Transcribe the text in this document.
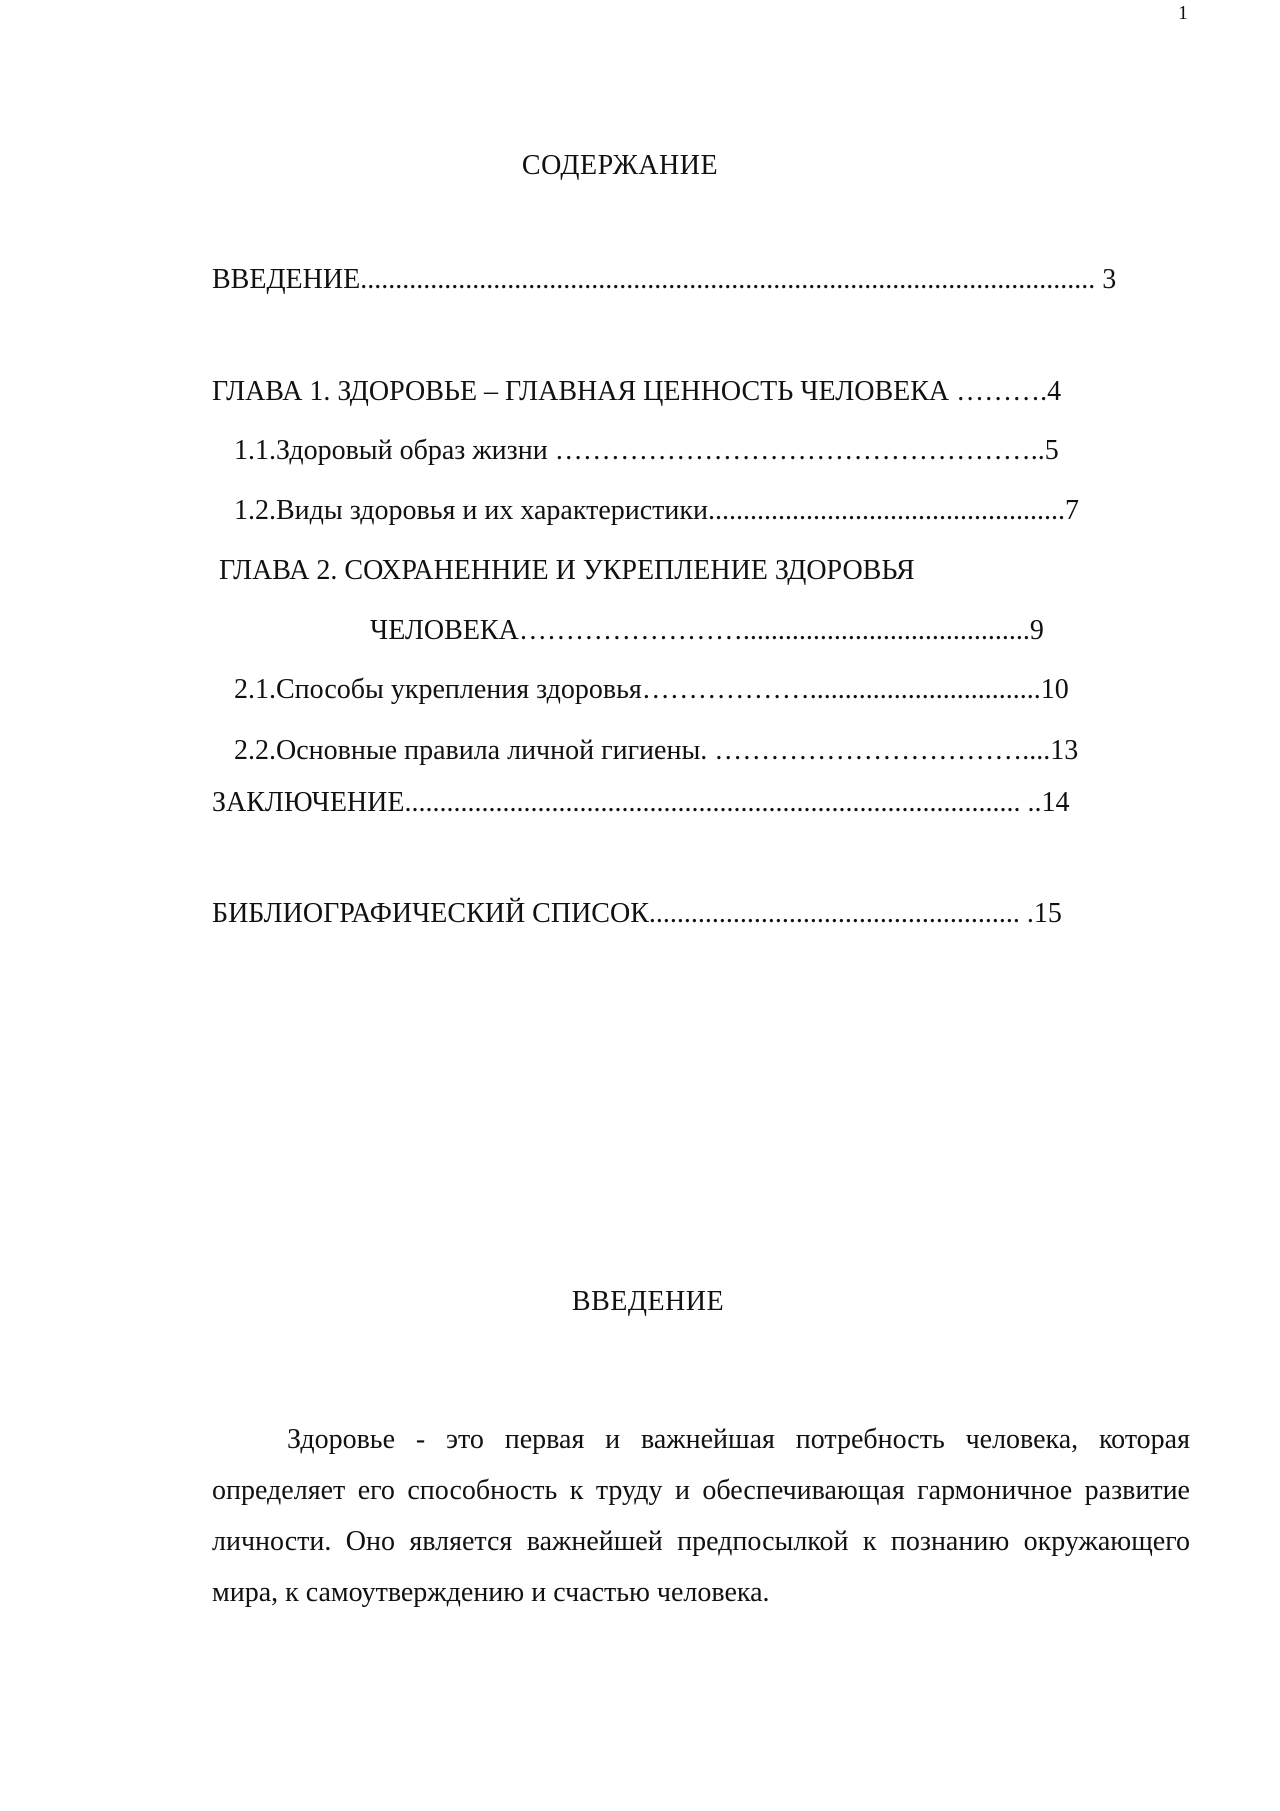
1
СОДЕРЖАНИЕ
ВВЕДЕНИЕ......................................................................................................... 3
ГЛАВА 1. ЗДОРОВЬЕ – ГЛАВНАЯ ЦЕННОСТЬ ЧЕЛОВЕКА ……….4
1.1.Здоровый образ жизни ……………………………………………..5
1.2.Виды здоровья и их характеристики...................................................7
ГЛАВА 2. СОХРАНЕННИЕ И УКРЕПЛЕНИЕ ЗДОРОВЬЯ
ЧЕЛОВЕКА…………………….........................................9
2.1.Способы укрепления здоровья……………….................................10
2.2.Основные правила личной гигиены. ……………………………....13
ЗАКЛЮЧЕНИЕ........................................................................................ ..14
БИБЛИОГРАФИЧЕСКИЙ СПИСОК..................................................... .15
ВВЕДЕНИЕ
Здоровье - это первая и важнейшая потребность человека, которая определяет его способность к труду и обеспечивающая гармоничное развитие личности. Оно является важнейшей предпосылкой к познанию окружающего мира, к самоутверждению и счастью человека.
